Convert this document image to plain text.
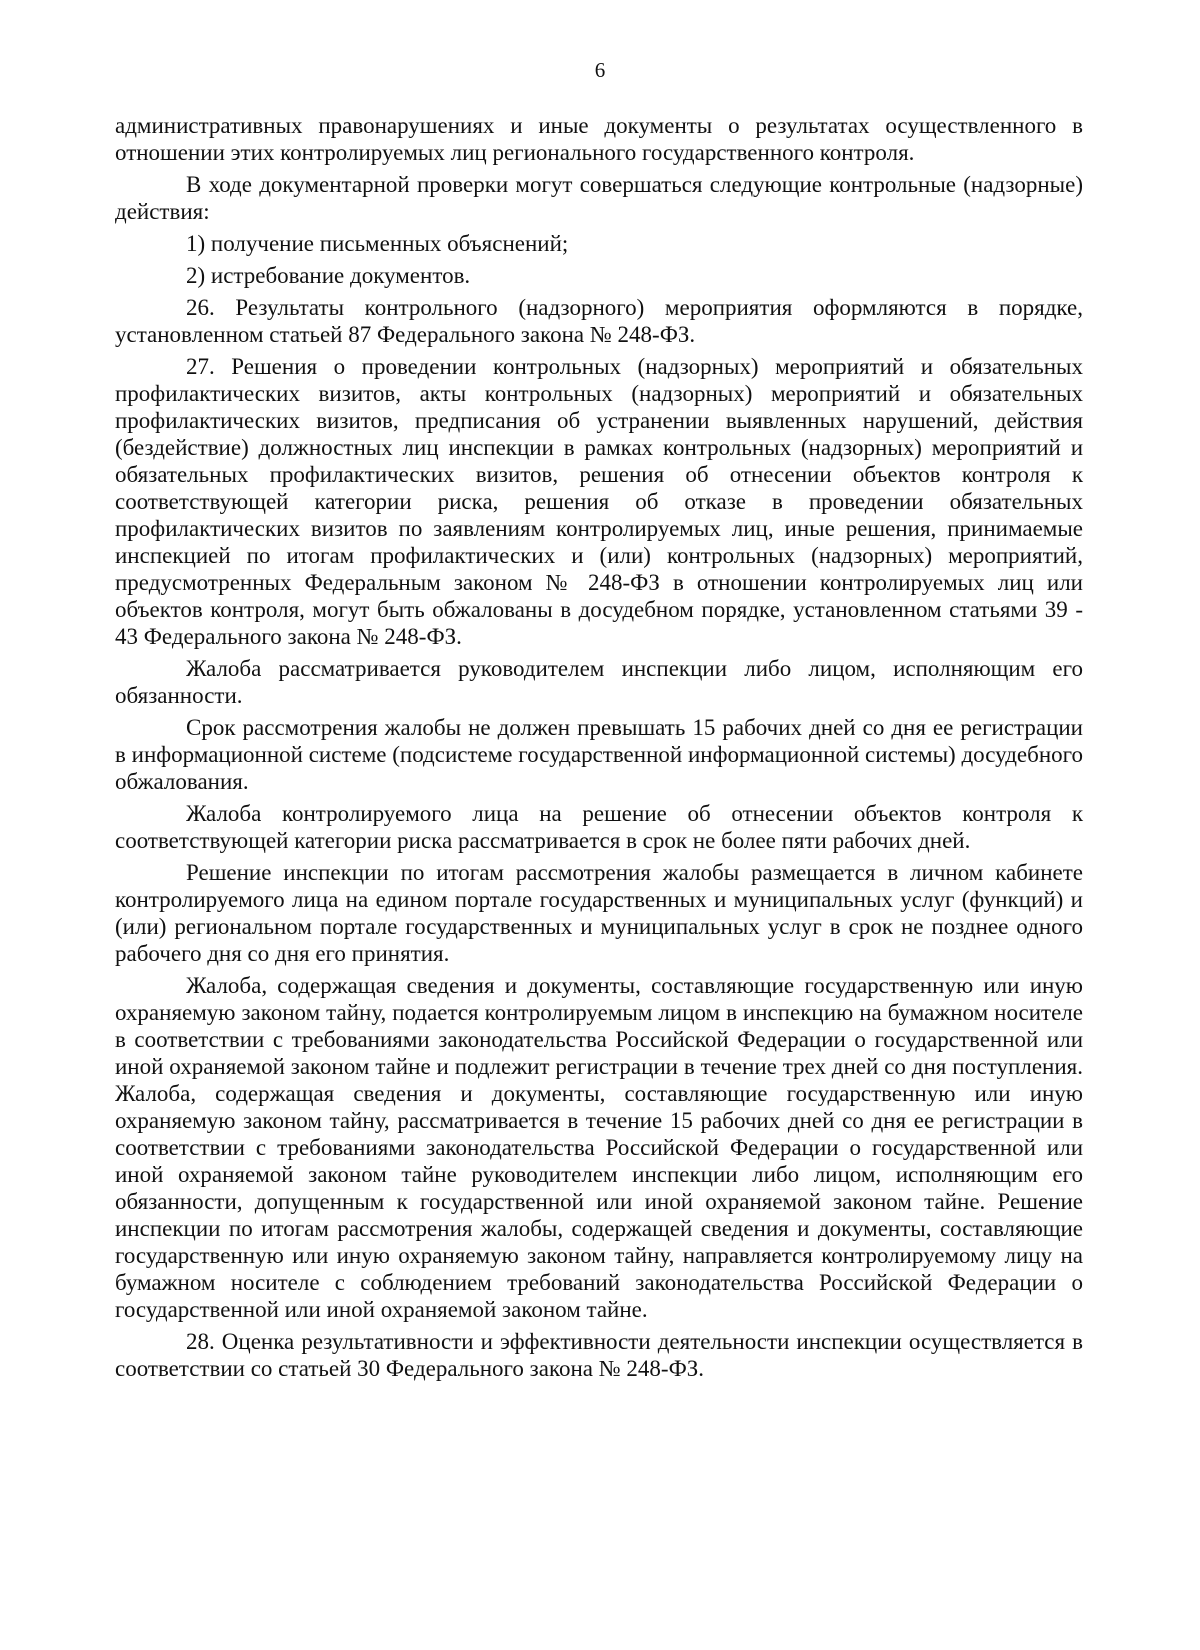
6

административных правонарушениях и иные документы о результатах осуществленного в отношении этих контролируемых лиц регионального государственного контроля.

В ходе документарной проверки могут совершаться следующие контрольные (надзорные) действия:

1) получение письменных объяснений;

2) истребование документов.

26. Результаты контрольного (надзорного) мероприятия оформляются в порядке, установленном статьей 87 Федерального закона № 248-ФЗ.

27. Решения о проведении контрольных (надзорных) мероприятий и обязательных профилактических визитов, акты контрольных (надзорных) мероприятий и обязательных профилактических визитов, предписания об устранении выявленных нарушений, действия (бездействие) должностных лиц инспекции в рамках контрольных (надзорных) мероприятий и обязательных профилактических визитов, решения об отнесении объектов контроля к соответствующей категории риска, решения об отказе в проведении обязательных профилактических визитов по заявлениям контролируемых лиц, иные решения, принимаемые инспекцией по итогам профилактических и (или) контрольных (надзорных) мероприятий, предусмотренных Федеральным законом № 248-ФЗ в отношении контролируемых лиц или объектов контроля, могут быть обжалованы в досудебном порядке, установленном статьями 39 - 43 Федерального закона № 248-ФЗ.

Жалоба рассматривается руководителем инспекции либо лицом, исполняющим его обязанности.

Срок рассмотрения жалобы не должен превышать 15 рабочих дней со дня ее регистрации в информационной системе (подсистеме государственной информационной системы) досудебного обжалования.

Жалоба контролируемого лица на решение об отнесении объектов контроля к соответствующей категории риска рассматривается в срок не более пяти рабочих дней.

Решение инспекции по итогам рассмотрения жалобы размещается в личном кабинете контролируемого лица на едином портале государственных и муниципальных услуг (функций) и (или) региональном портале государственных и муниципальных услуг в срок не позднее одного рабочего дня со дня его принятия.

Жалоба, содержащая сведения и документы, составляющие государственную или иную охраняемую законом тайну, подается контролируемым лицом в инспекцию на бумажном носителе в соответствии с требованиями законодательства Российской Федерации о государственной или иной охраняемой законом тайне и подлежит регистрации в течение трех дней со дня поступления. Жалоба, содержащая сведения и документы, составляющие государственную или иную охраняемую законом тайну, рассматривается в течение 15 рабочих дней со дня ее регистрации в соответствии с требованиями законодательства Российской Федерации о государственной или иной охраняемой законом тайне руководителем инспекции либо лицом, исполняющим его обязанности, допущенным к государственной или иной охраняемой законом тайне. Решение инспекции по итогам рассмотрения жалобы, содержащей сведения и документы, составляющие государственную или иную охраняемую законом тайну, направляется контролируемому лицу на бумажном носителе с соблюдением требований законодательства Российской Федерации о государственной или иной охраняемой законом тайне.

28. Оценка результативности и эффективности деятельности инспекции осуществляется в соответствии со статьей 30 Федерального закона № 248-ФЗ.
